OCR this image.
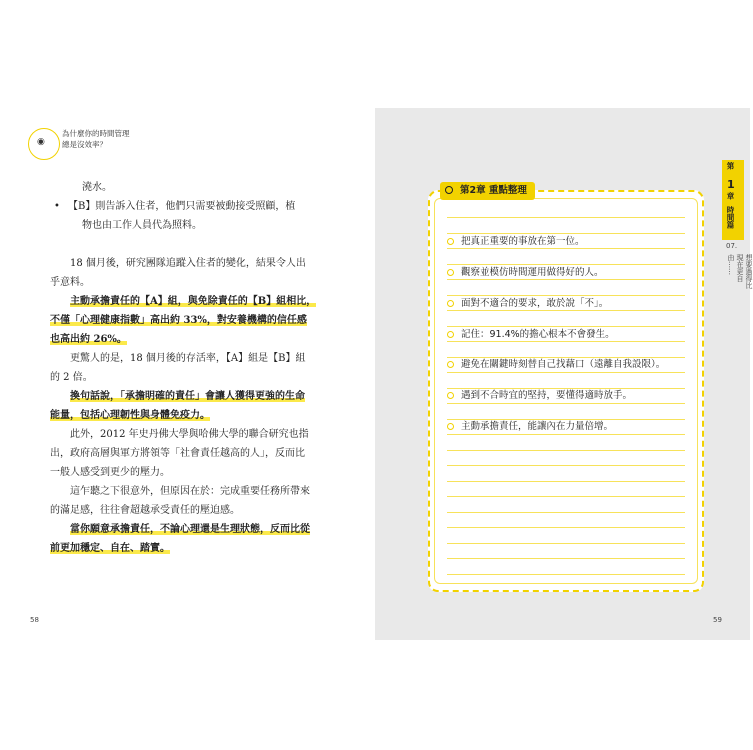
◉
為什麼你的時間管理
總是沒效率？

澆水。

• 【B】則告訴入住者，他們只需要被動接受照顧，植

物也由工作人員代為照料。

18 個月後，研究團隊追蹤入住者的變化，結果令人出

乎意料。

主動承擔責任的【A】組，與免除責任的【B】組相比，

不僅「心理健康指數」高出約 33%，對安養機構的信任感

也高出約 26%。

更驚人的是，18 個月後的存活率，【A】組是【B】組

的 2 倍。

換句話說，「承擔明確的責任」會讓人獲得更強的生命

能量，包括心理韌性與身體免疫力。

此外，2012 年史丹佛大學與哈佛大學的聯合研究也指

出，政府高層與軍方將領等「社會責任越高的人」，反而比

一般人感受到更少的壓力。

這乍聽之下很意外，但原因在於：完成重要任務所帶來

的滿足感，往往會超越承受責任的壓迫感。

當你願意承擔責任，不論心理還是生理狀態，反而比從

前更加穩定、自在、踏實。

58
把真正重要的事放在第一位。
觀察並模仿時間運用做得好的人。
面對不適合的要求，敢於說「不」。
記住：91.4%的擔心根本不會發生。
避免在關鍵時刻替自己找藉口（遠離自我設限）。
遇到不合時宜的堅持，要懂得適時放手。
主動承擔責任，能讓內在力量倍增。
第2章 重點整理
第
1
章
時間篇
07.
想要過得比現在更自由……
59
